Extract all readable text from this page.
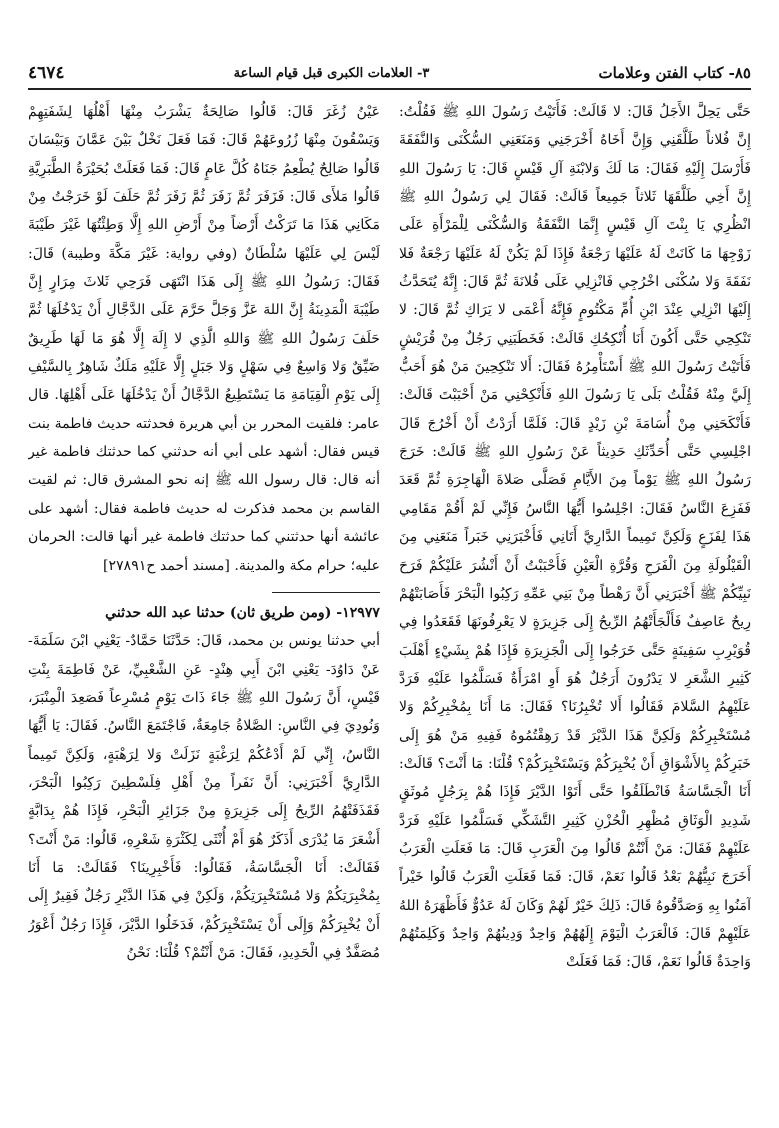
٨٥- كتاب الفتن وعلامات
٣- العلامات الكبرى قبل قيام الساعة
٤٦٧٤

حَتَّى يَحِلَّ الأَجَلُ قَالَ: لا قَالَتْ: فَأَتَيْتُ رَسُولَ اللهِ ﷺ فَقُلْتُ: إِنَّ فُلاناً طَلَّقَنِي وَإِنَّ أَخَاهُ أَخْرَجَنِي وَمَنَعَنِي السُّكْنَى وَالنَّفَقَةَ فَأَرْسَلَ إِلَيْهِ فَقَالَ: مَا لَكَ وَلابْنَةِ آلِ قَيْسٍ قَالَ: يَا رَسُولَ اللهِ إِنَّ أَخِي طَلَّقَهَا ثَلاثاً جَمِيعاً قَالَتْ: فَقَالَ لِي رَسُولُ اللهِ ﷺ انْظُرِي يَا بِنْتَ آلِ قَيْسٍ إِنَّمَا النَّفَقَةُ وَالسُّكْنَى لِلْمَرْأَةِ عَلَى زَوْجِهَا مَا كَانَتْ لَهُ عَلَيْهَا رَجْعَةٌ فَإِذَا لَمْ يَكُنْ لَهُ عَلَيْهَا رَجْعَةٌ فَلا نَفَقَةَ وَلا سُكْنَى اخْرُجِي فَانْزِلِي عَلَى فُلانَةَ ثُمَّ قَالَ: إِنَّهُ يُتَحَدَّثُ إِلَيْهَا انْزِلِي عِنْدَ ابْنِ أُمِّ مَكْتُومٍ فَإِنَّهُ أَعْمَى لا يَرَاكِ ثُمَّ قَالَ: لا تَنْكِحِي حَتَّى أَكُونَ أَنَا أُنْكِحُكِ قَالَتْ: فَخَطَبَنِي رَجُلٌ مِنْ قُرَيْشٍ فَأَتَيْتُ رَسُولَ اللهِ ﷺ أَسْتَأْمِرُهُ فَقَالَ: أَلا تَنْكِحِينَ مَنْ هُوَ أَحَبُّ إِلَيَّ مِنْهُ فَقُلْتُ بَلَى يَا رَسُولَ اللهِ فَأَنْكِحْنِي مَنْ أَحْبَبْتَ قَالَتْ: فَأَنْكَحَنِي مِنْ أُسَامَةَ بْنِ زَيْدٍ قَالَ: فَلَمَّا أَرَدْتُ أَنْ أَخْرُجَ قَالَ اجْلِسِي حَتَّى أُحَدِّثَكِ حَدِيثاً عَنْ رَسُولِ اللهِ ﷺ قَالَتْ: خَرَجَ رَسُولُ اللهِ ﷺ يَوْماً مِنَ الأَيَّامِ فَصَلَّى صَلاةَ الْهَاجِرَةِ ثُمَّ قَعَدَ فَفَزِعَ النَّاسُ فَقَالَ: اجْلِسُوا أَيُّهَا النَّاسُ فَإِنِّي لَمْ أَقُمْ مَقَامِي هَذَا لِفَزَعٍ وَلَكِنَّ تَمِيماً الدَّارِيَّ أَتَانِي فَأَخْبَرَنِي خَبَراً مَنَعَنِي مِنَ الْقَيْلُولَةِ مِنَ الْفَرَحِ وَقُرَّةِ الْعَيْنِ فَأَحْبَبْتُ أَنْ أَنْشُرَ عَلَيْكُمْ فَرَحَ نَبِيِّكُمْ ﷺ أَخْبَرَنِي أَنَّ رَهْطاً مِنْ بَنِي عَمِّهِ رَكِبُوا الْبَحْرَ فَأَصَابَتْهُمْ رِيحٌ عَاصِفٌ فَأَلْجَأَتْهُمُ الرِّيحُ إِلَى جَزِيرَةٍ لا يَعْرِفُونَهَا فَقَعَدُوا فِي قُوَيْرِبِ سَفِينَةٍ حَتَّى خَرَجُوا إِلَى الْجَزِيرَةِ فَإِذَا هُمْ بِشَيْءٍ أَهْلَبَ كَثِيرِ الشَّعَرِ لا يَدْرُونَ أَرَجُلٌ هُوَ أَوِ امْرَأَةٌ فَسَلَّمُوا عَلَيْهِ فَرَدَّ عَلَيْهِمُ السَّلامَ فَقَالُوا أَلا تُخْبِرُنَا؟ فَقَالَ: مَا أَنَا بِمُخْبِرِكُمْ وَلا مُسْتَخْبِرِكُمْ وَلَكِنَّ هَذَا الدَّيْرَ قَدْ رَهِقْتُمُوهُ فَفِيهِ مَنْ هُوَ إِلَى خَبَرِكُمْ بِالأَشْوَاقِ أَنْ يُخْبِرَكُمْ وَيَسْتَخْبِرَكُمْ؟ قُلْنَا: مَا أَنْتَ؟ قَالَتْ: أَنَا الْجَسَّاسَةُ فَانْطَلَقُوا حَتَّى أَتَوْا الدَّيْرَ فَإِذَا هُمْ بِرَجُلٍ مُوثَقٍ شَدِيدِ الْوَثَاقِ مُظْهِرِ الْحُزْنِ كَثِيرِ التَّشَكِّي فَسَلَّمُوا عَلَيْهِ فَرَدَّ عَلَيْهِمْ فَقَالَ: مَنْ أَنْتُمْ قَالُوا مِنَ الْعَرَبِ قَالَ: مَا فَعَلَتِ الْعَرَبُ أَخَرَجَ نَبِيُّهُمْ بَعْدُ قَالُوا نَعَمْ، قَالَ: فَمَا فَعَلَتِ الْعَرَبُ قَالُوا خَيْراً آمَنُوا بِهِ وَصَدَّقُوهُ قَالَ: ذَلِكَ خَيْرٌ لَهُمْ وَكَانَ لَهُ عَدُوٌّ فَأَظْهَرَهُ اللهُ عَلَيْهِمْ قَالَ: فَالْعَرَبُ الْيَوْمَ إِلَهُهُمْ وَاحِدٌ وَدِينُهُمْ وَاحِدٌ وَكَلِمَتُهُمْ وَاحِدَةٌ قَالُوا نَعَمْ، قَالَ: فَمَا فَعَلَتْ

عَيْنُ زُغَرَ قَالَ: قَالُوا صَالِحَةٌ يَشْرَبُ مِنْهَا أَهْلُهَا لِشَفَتِهِمْ وَيَسْقُونَ مِنْهَا زُرُوعَهُمْ قَالَ: فَمَا فَعَلَ نَخْلٌ بَيْنَ عَمَّانَ وَبَيْسَانَ قَالُوا صَالِحٌ يُطْعِمُ جَنَاهُ كُلَّ عَامٍ قَالَ: فَمَا فَعَلَتْ بُحَيْرَةُ الطَّبَرِيَّةِ قَالُوا مَلأَى قَالَ: فَزَفَرَ ثُمَّ زَفَرَ ثُمَّ زَفَرَ ثُمَّ حَلَفَ لَوْ خَرَجْتُ مِنْ مَكَانِي هَذَا مَا تَرَكْتُ أَرْضاً مِنْ أَرْضِ اللهِ إِلَّا وَطِئْتُهَا غَيْرَ طَيْبَةَ لَيْسَ لِي عَلَيْهَا سُلْطَانٌ (وفي رواية: غَيْرَ مَكَّةَ وطيبة) قَالَ: فَقَالَ: رَسُولُ اللهِ ﷺ إِلَى هَذَا انْتَهَى فَرَحِي ثَلاثَ مِرَارٍ إِنَّ طَيْبَةَ الْمَدِينَةُ إِنَّ اللهَ عَزَّ وَجَلَّ حَرَّمَ عَلَى الدَّجَّالِ أَنْ يَدْخُلَهَا ثُمَّ حَلَفَ رَسُولُ اللهِ ﷺ وَاللهِ الَّذِي لا إِلَهَ إِلَّا هُوَ مَا لَهَا طَرِيقٌ ضَيِّقٌ وَلا وَاسِعٌ فِي سَهْلٍ وَلا جَبَلٍ إِلَّا عَلَيْهِ مَلَكٌ شَاهِرٌ بِالسَّيْفِ إِلَى يَوْمِ الْقِيَامَةِ مَا يَسْتَطِيعُ الدَّجَّالُ أَنْ يَدْخُلَهَا عَلَى أَهْلِهَا. قال عامر: فلقيت المحرر بن أبي هريرة فحدثته حديث فاطمة بنت قيس فقال: أشهد على أبي أنه حدثني كما حدثتك فاطمة غير أنه قال: قال رسول الله ﷺ إنه نحو المشرق قال: ثم لقيت القاسم بن محمد فذكرت له حديث فاطمة فقال: أشهد على عائشة أنها حدثتني كما حدثتك فاطمة غير أنها قالت: الحرمان عليه؛ حرام مكة والمدينة. [مسند أحمد ح٢٧٨٩١]

١٢٩٧٧- (ومن طريق ثان) حدثنا عبد الله حدثني

أبي حدثنا يونس بن محمد، قَالَ: حَدَّثَنَا حَمَّادٌ- يَعْنِي ابْنَ سَلَمَةَ- عَنْ دَاوُدَ- يَعْنِي ابْنَ أَبِي هِنْدٍ- عَنِ الشَّعْبِيِّ، عَنْ فَاطِمَةَ بِنْتِ قَيْسٍ، أَنَّ رَسُولَ اللهِ ﷺ جَاءَ ذَاتَ يَوْمٍ مُسْرِعاً فَصَعِدَ الْمِنْبَرَ، وَنُودِيَ فِي النَّاسِ: الصَّلاةُ جَامِعَةٌ، فَاجْتَمَعَ النَّاسُ. فَقَالَ: يَا أَيُّهَا النَّاسُ، إِنِّي لَمْ أَدْعُكُمْ لِرَغْبَةٍ نَزَلَتْ وَلا لِرَهْبَةٍ، وَلَكِنَّ تَمِيماً الدَّارِيَّ أَخْبَرَنِي: أَنَّ نَفَراً مِنْ أَهْلِ فِلَسْطِينَ رَكِبُوا الْبَحْرَ، فَقَذَفَتْهُمُ الرِّيحُ إِلَى جَزِيرَةٍ مِنْ جَزَائِرِ الْبَحْرِ، فَإِذَا هُمْ بِدَابَّةٍ أَشْعَرَ مَا يُدْرَى أَذَكَرٌ هُوَ أَمْ أُنْثَى لِكَثْرَةِ شَعْرِهِ، قَالُوا: مَنْ أَنْتَ؟ فَقَالَتْ: أَنَا الْجَسَّاسَةُ، فَقَالُوا: فَأَخْبِرِينَا؟ فَقَالَتْ: مَا أَنَا بِمُخْبِرَتِكُمْ وَلا مُسْتَخْبِرَتِكُمْ، وَلَكِنْ فِي هَذَا الدَّيْرِ رَجُلٌ فَقِيرٌ إِلَى أَنْ يُخْبِرَكُمْ وَإِلَى أَنْ يَسْتَخْبِرَكُمْ، فَدَخَلُوا الدَّيْرَ، فَإِذَا رَجُلٌ أَعْوَرُ مُصَفَّدٌ فِي الْحَدِيدِ، فَقَالَ: مَنْ أَنْتُمْ؟ قُلْنَا: نَحْنُ
